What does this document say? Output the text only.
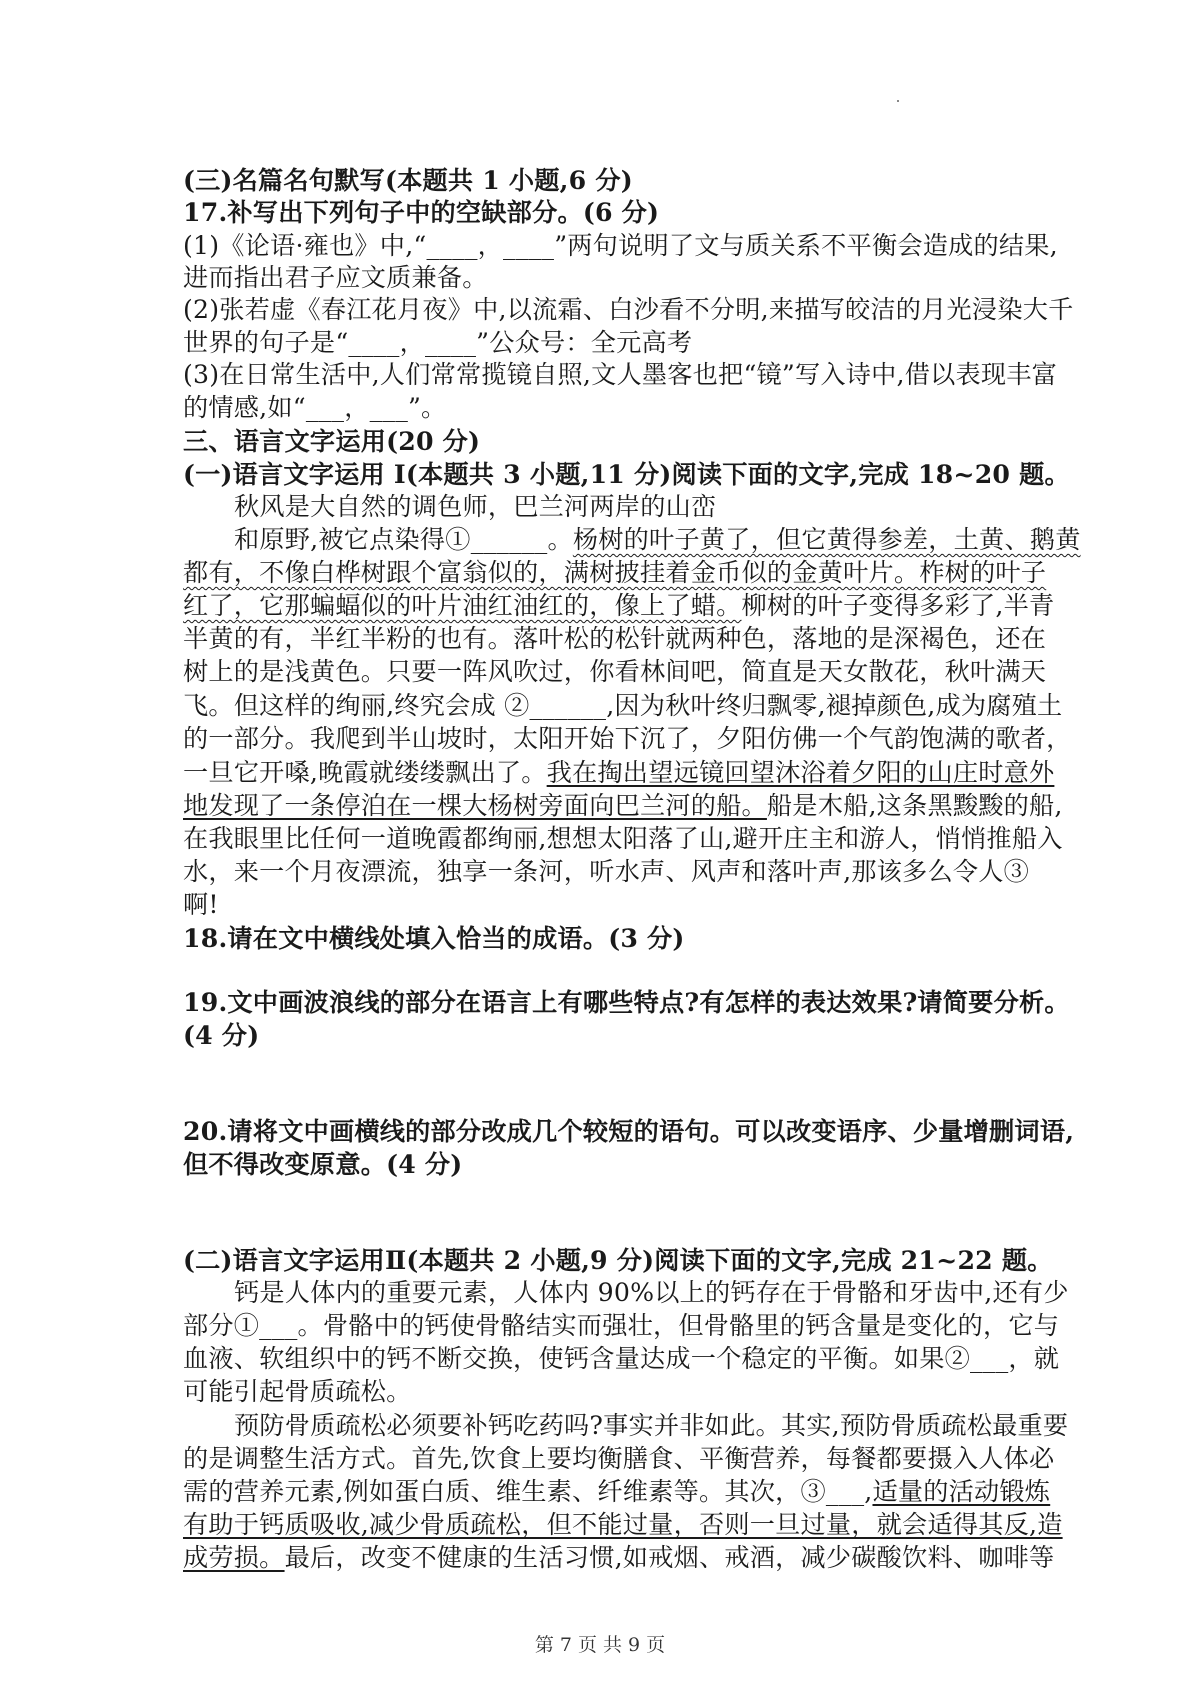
(三)名篇名句默写(本题共 1 小题,6 分)
17.补写出下列句子中的空缺部分。(6 分)
(1)《论语·雍也》中,“____，____”两句说明了文与质关系不平衡会造成的结果,
进而指出君子应文质兼备。
(2)张若虚《春江花月夜》中,以流霜、白沙看不分明,来描写皎洁的月光浸染大千
世界的句子是“____，____”公众号：全元高考
(3)在日常生活中,人们常常揽镜自照,文人墨客也把“镜”写入诗中,借以表现丰富
的情感,如“___，___”。
三、语言文字运用(20 分)
(一)语言文字运用 I(本题共 3 小题,11 分)阅读下面的文字,完成 18~20 题。
秋风是大自然的调色师，巴兰河两岸的山峦
和原野,被它点染得①______。杨树的叶子黄了，但它黄得参差，土黄、鹅黄
都有，不像白桦树跟个富翁似的，满树披挂着金币似的金黄叶片。柞树的叶子
红了，它那蝙蝠似的叶片油红油红的，像上了蜡。柳树的叶子变得多彩了,半青
半黄的有，半红半粉的也有。落叶松的松针就两种色，落地的是深褐色，还在
树上的是浅黄色。只要一阵风吹过，你看林间吧，简直是天女散花，秋叶满天
飞。但这样的绚丽,终究会成 ②______,因为秋叶终归飘零,褪掉颜色,成为腐殖土
的一部分。我爬到半山坡时，太阳开始下沉了，夕阳仿佛一个气韵饱满的歌者，
一旦它开嗓,晚霞就缕缕飘出了。我在掏出望远镜回望沐浴着夕阳的山庄时意外
地发现了一条停泊在一棵大杨树旁面向巴兰河的船。船是木船,这条黑黢黢的船,
在我眼里比任何一道晚霞都绚丽,想想太阳落了山,避开庄主和游人，悄悄推船入
水，来一个月夜漂流，独享一条河，听水声、风声和落叶声,那该多么令人③
啊!
18.请在文中横线处填入恰当的成语。(3 分)
19.文中画波浪线的部分在语言上有哪些特点?有怎样的表达效果?请简要分析。
(4 分)
20.请将文中画横线的部分改成几个较短的语句。可以改变语序、少量增删词语,
但不得改变原意。(4 分)
(二)语言文字运用Ⅱ(本题共 2 小题,9 分)阅读下面的文字,完成 21~22 题。
钙是人体内的重要元素，人体内 90%以上的钙存在于骨骼和牙齿中,还有少
部分①___。骨骼中的钙使骨骼结实而强壮，但骨骼里的钙含量是变化的，它与
血液、软组织中的钙不断交换，使钙含量达成一个稳定的平衡。如果②___，就
可能引起骨质疏松。
预防骨质疏松必须要补钙吃药吗?事实并非如此。其实,预防骨质疏松最重要
的是调整生活方式。首先,饮食上要均衡膳食、平衡营养，每餐都要摄入人体必
需的营养元素,例如蛋白质、维生素、纤维素等。其次，③___,适量的活动锻炼
有助于钙质吸收,减少骨质疏松，但不能过量，否则一旦过量，就会适得其反,造
成劳损。最后，改变不健康的生活习惯,如戒烟、戒酒，减少碳酸饮料、咖啡等
第 7 页 共 9 页
